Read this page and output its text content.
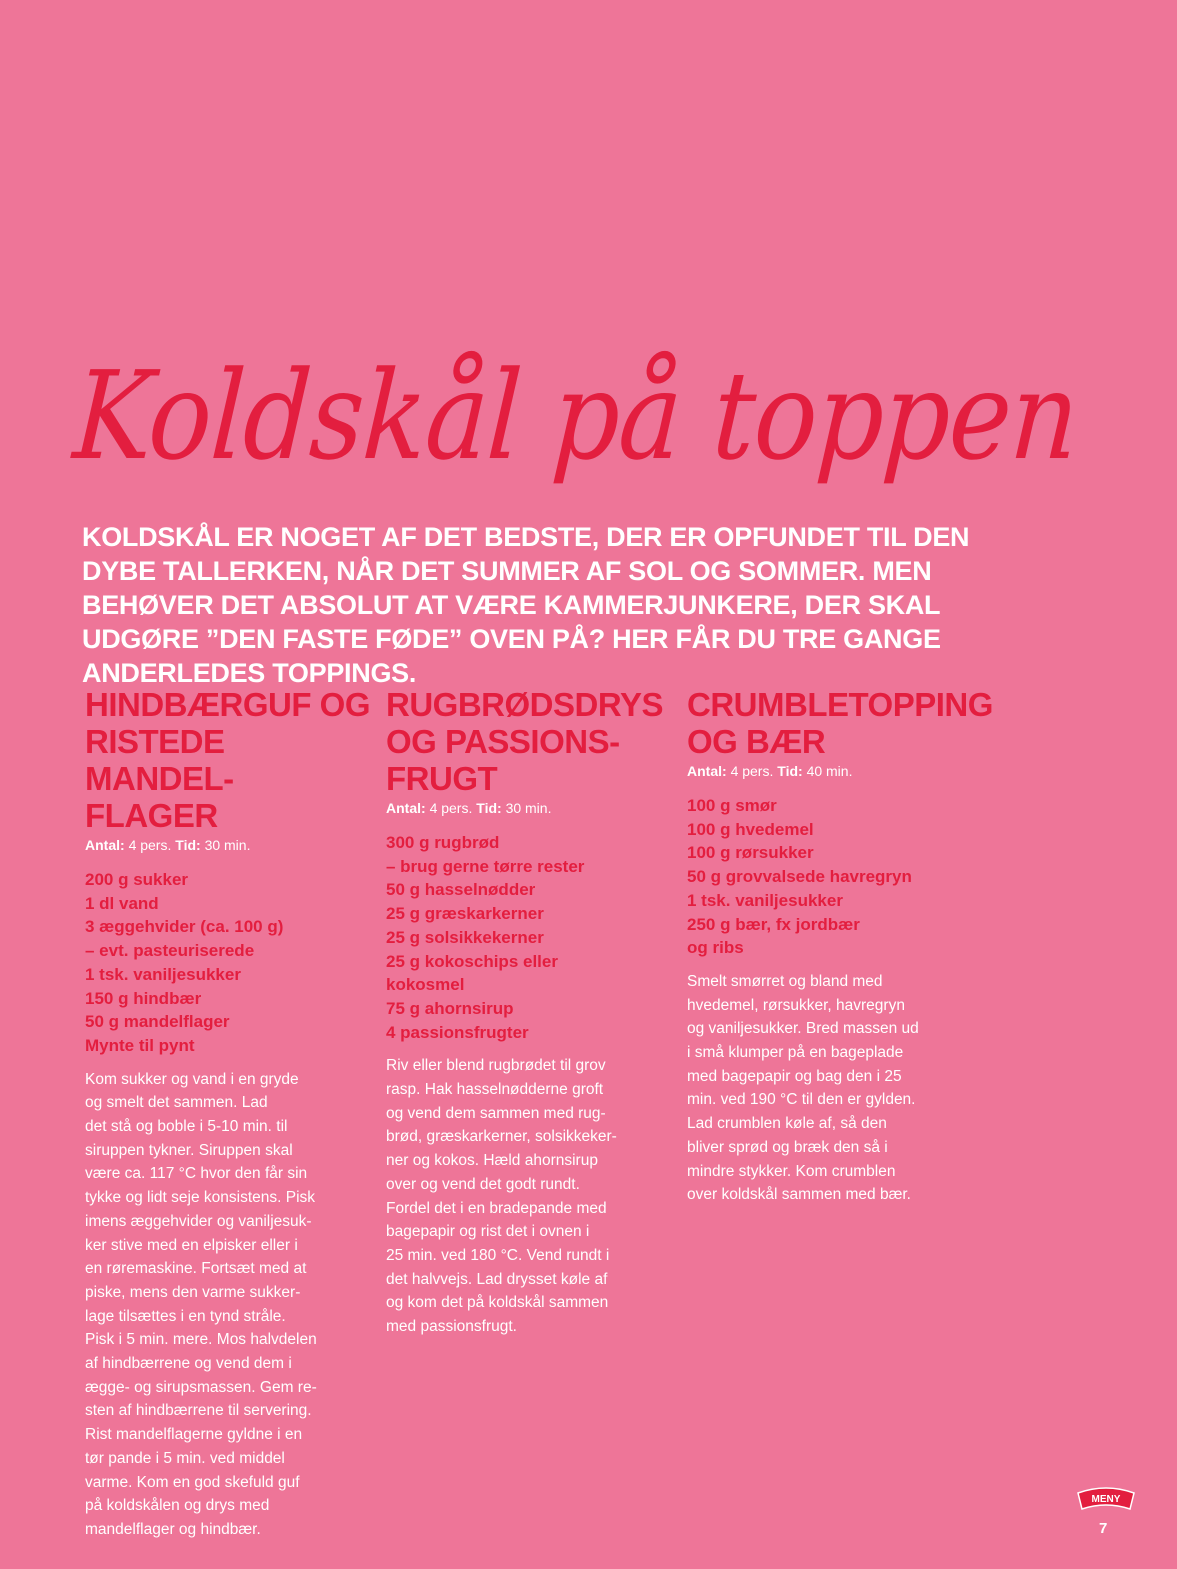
Koldskål på toppen

KOLDSKÅL ER NOGET AF DET BEDSTE, DER ER OPFUNDET TIL DEN DYBE TALLERKEN, NÅR DET SUMMER AF SOL OG SOMMER. MEN BEHØVER DET ABSOLUT AT VÆRE KAMMERJUNKERE, DER SKAL UDGØRE ”DEN FASTE FØDE” OVEN PÅ? HER FÅR DU TRE GANGE ANDERLEDES TOPPINGS.

HINDBÆRGUF OG
RISTEDE MANDEL-
FLAGER
Antal: 4 pers. Tid: 30 min.
200 g sukker
1 dl vand
3 æggehvider (ca. 100 g)
– evt. pasteuriserede
1 tsk. vaniljesukker
150 g hindbær
50 g mandelflager
Mynte til pynt

Kom sukker og vand i en gryde
og smelt det sammen. Lad
det stå og boble i 5-10 min. til
siruppen tykner. Siruppen skal
være ca. 117 °C hvor den får sin
tykke og lidt seje konsistens. Pisk
imens æggehvider og vaniljesuk-
ker stive med en elpisker eller i
en røremaskine. Fortsæt med at
piske, mens den varme sukker-
lage tilsættes i en tynd stråle.
Pisk i 5 min. mere. Mos halvdelen
af hindbærrene og vend dem i
ægge- og sirupsmassen. Gem re-
sten af hindbærrene til servering.
Rist mandelflagerne gyldne i en
tør pande i 5 min. ved middel
varme. Kom en god skefuld guf
på koldskålen og drys med
mandelflager og hindbær.

RUGBRØDSDRYS
OG PASSIONS-
FRUGT
Antal: 4 pers. Tid: 30 min.
300 g rugbrød
– brug gerne tørre rester
50 g hasselnødder
25 g græskarkerner
25 g solsikkekerner
25 g kokoschips eller
kokosmel
75 g ahornsirup
4 passionsfrugter

Riv eller blend rugbrødet til grov
rasp. Hak hasselnødderne groft
og vend dem sammen med rug-
brød, græskarkerner, solsikkeker-
ner og kokos. Hæld ahornsirup
over og vend det godt rundt.
Fordel det i en bradepande med
bagepapir og rist det i ovnen i
25 min. ved 180 °C. Vend rundt i
det halvvejs. Lad drysset køle af
og kom det på koldskål sammen
med passionsfrugt.

CRUMBLETOPPING
OG BÆR
Antal: 4 pers. Tid: 40 min.
100 g smør
100 g hvedemel
100 g rørsukker
50 g grovvalsede havregryn
1 tsk. vaniljesukker
250 g bær, fx jordbær
og ribs

Smelt smørret og bland med
hvedemel, rørsukker, havregryn
og vaniljesukker. Bred massen ud
i små klumper på en bageplade
med bagepapir og bag den i 25
min. ved 190 °C til den er gylden.
Lad crumblen køle af, så den
bliver sprød og bræk den så i
mindre stykker. Kom crumblen
over koldskål sammen med bær.

MENY
7
